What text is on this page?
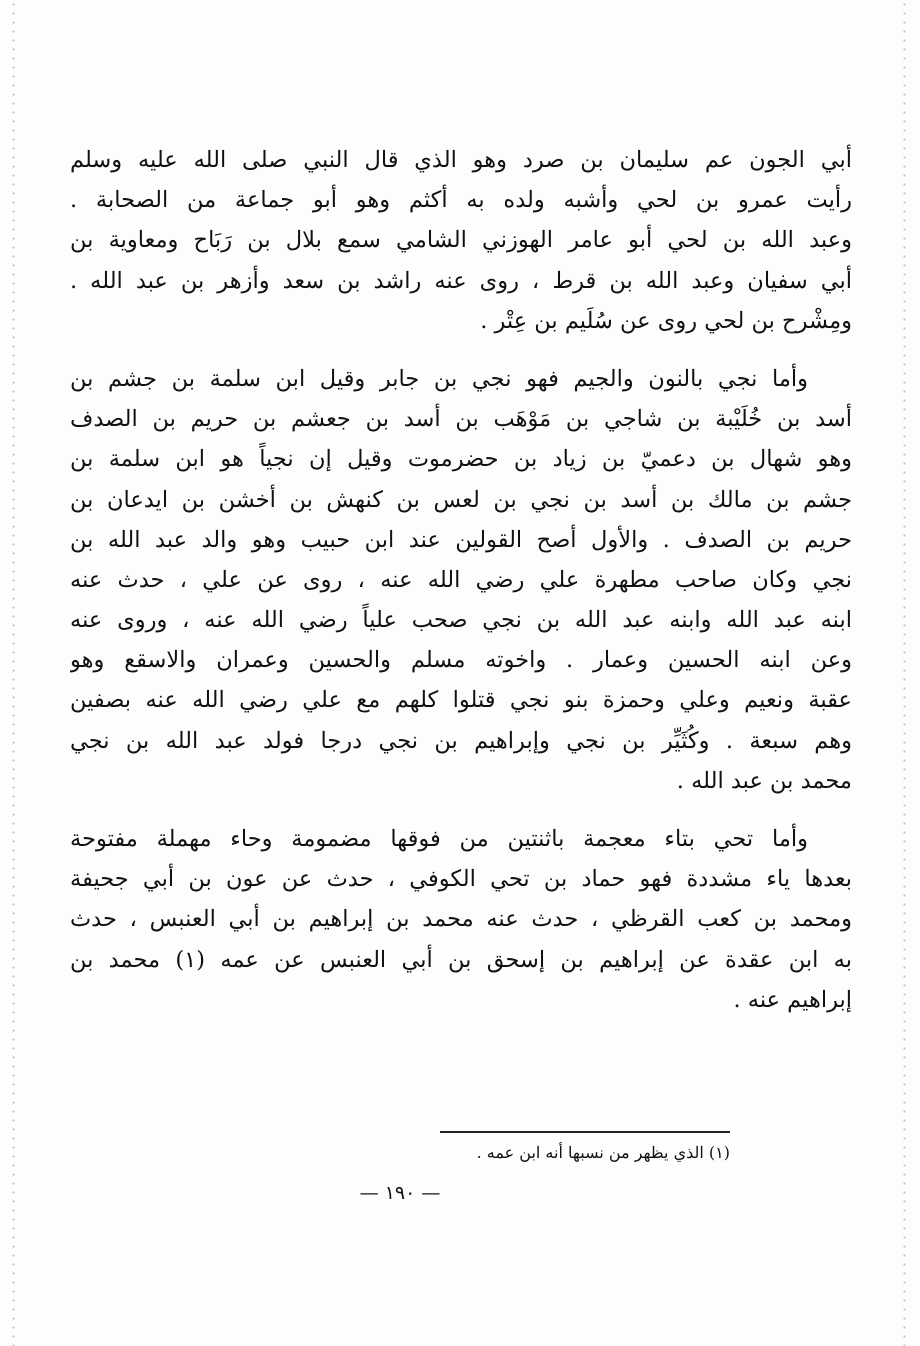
أبي الجون عم سليمان بن صرد وهو الذي قال النبي صلى الله عليه وسلم
رأيت عمرو بن لحي وأشبه ولده به أكثم وهو أبو جماعة من الصحابة .
وعبد الله بن لحي أبو عامر الهوزني الشامي سمع بلال بن رَبَاح ومعاوية بن
أبي سفيان وعبد الله بن قرط ، روى عنه راشد بن سعد وأزهر بن عبد الله .
ومِشْرح بن لحي روى عن سُلَيم بن عِتْر .
وأما نجي بالنون والجيم فهو نجي بن جابر وقيل ابن سلمة بن جشم بن
أسد بن خُلَيْبة بن شاجي بن مَوْهَب بن أسد بن جعشم بن حريم بن الصدف
وهو شهال بن دعميّ بن زياد بن حضرموت وقيل إن نجياً هو ابن سلمة بن
جشم بن مالك بن أسد بن نجي بن لعس بن كنهش بن أخشن بن ايدعان بن
حريم بن الصدف . والأول أصح القولين عند ابن حبيب وهو والد عبد الله بن
نجي وكان صاحب مطهرة علي رضي الله عنه ، روى عن علي ، حدث عنه
ابنه عبد الله وابنه عبد الله بن نجي صحب علياً رضي الله عنه ، وروى عنه
وعن ابنه الحسين وعمار . واخوته مسلم والحسين وعمران والاسقع وهو
عقبة ونعيم وعلي وحمزة بنو نجي قتلوا كلهم مع علي رضي الله عنه بصفين
وهم سبعة . وكُثَيِّر بن نجي وإبراهيم بن نجي درجا فولد عبد الله بن نجي
محمد بن عبد الله .
وأما تحي بتاء معجمة باثنتين من فوقها مضمومة وحاء مهملة مفتوحة
بعدها ياء مشددة فهو حماد بن تحي الكوفي ، حدث عن عون بن أبي جحيفة
ومحمد بن كعب القرظي ، حدث عنه محمد بن إبراهيم بن أبي العنبس ، حدث
به ابن عقدة عن إبراهيم بن إسحق بن أبي العنبس عن عمه (١) محمد بن
إبراهيم عنه .
(١) الذي يظهر من نسبها أنه ابن عمه .
— ١٩٠ —
